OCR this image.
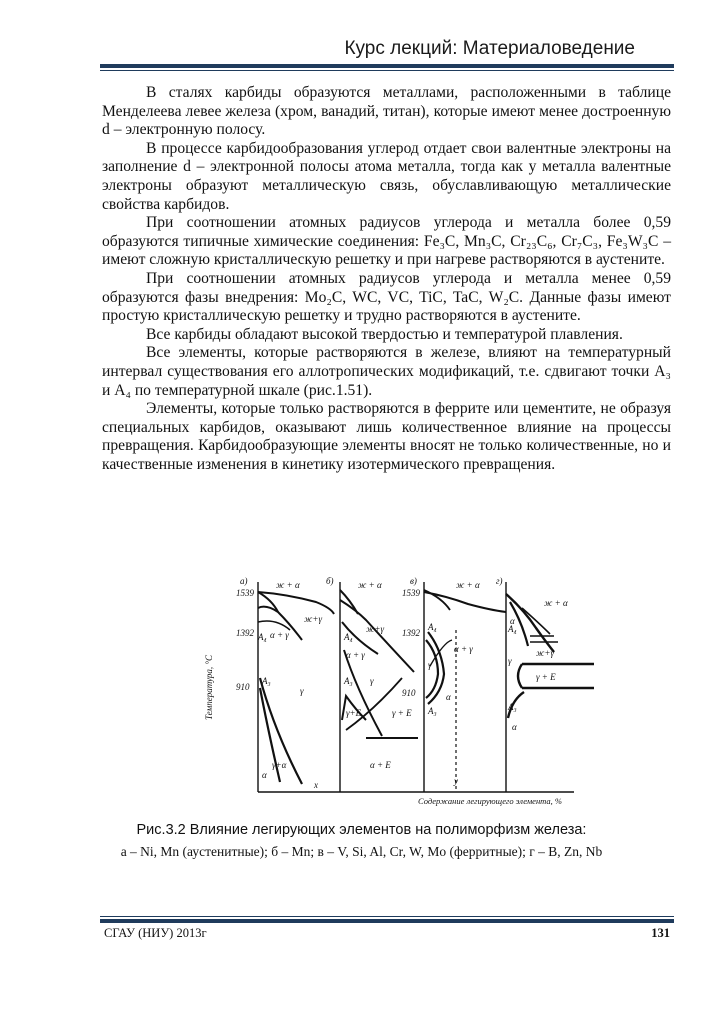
Курс лекций: Материаловедение

В сталях карбиды образуются металлами, расположенными в таблице Менделеева левее железа (хром, ванадий, титан), которые имеют менее достроенную d – электронную полосу.

В процессе карбидообразования углерод отдает свои валентные электроны на заполнение d – электронной полосы атома металла, тогда как у металла валентные электроны образуют металлическую связь, обуславливающую металлические свойства карбидов.

При соотношении атомных радиусов углерода и металла более 0,59 образуются типичные химические соединения: Fe₃C, Mn₃C, Cr₂₃C₆, Cr₇C₃, Fe₃W₃C –имеют сложную кристаллическую решетку и при нагреве растворяются в аустените.

При соотношении атомных радиусов углерода и металла менее 0,59 образуются фазы внедрения: Mo₂C, WC, VC, TiC, TaC, W₂C. Данные фазы имеют простую кристаллическую решетку и трудно растворяются в аустените.

Все карбиды обладают высокой твердостью и температурой плавления.

Все элементы, которые растворяются в железе, влияют на температурный интервал существования его аллотропических модификаций, т.е. сдвигают точки A₃ и A₄ по температурной шкале (рис.1.51).

Элементы, которые только растворяются в феррите или цементите, не образуя специальных карбидов, оказывают лишь количественное влияние на процессы превращения. Карбидообразующие элементы вносят не только количественные, но и качественные изменения в кинетику изотермического превращения.

Температура, °С
1539
1392
910
1539
1392
910
а)	б)	в)	г)
ж + α
ж+γ
α + γ
A₄
A₃
γ
γ+α
α
x
ж + α
ж+γ
A₄
α + γ
γ
A₃
γ+E	γ + E
α + E
ж + α
A₄
α + γ
γ
A₃
α
y
ж + α
A₄
α
ж+γ
γ
γ + E
A₃
α
Содержание легирующего элемента, %
Рис.3.2 Влияние легирующих элементов на полиморфизм железа:
а – Ni, Mn (аустенитные); б – Mn; в – V, Si, Al, Cr, W, Mo (ферритные); г – B, Zn, Nb
СГАУ (НИУ) 2013г	131
